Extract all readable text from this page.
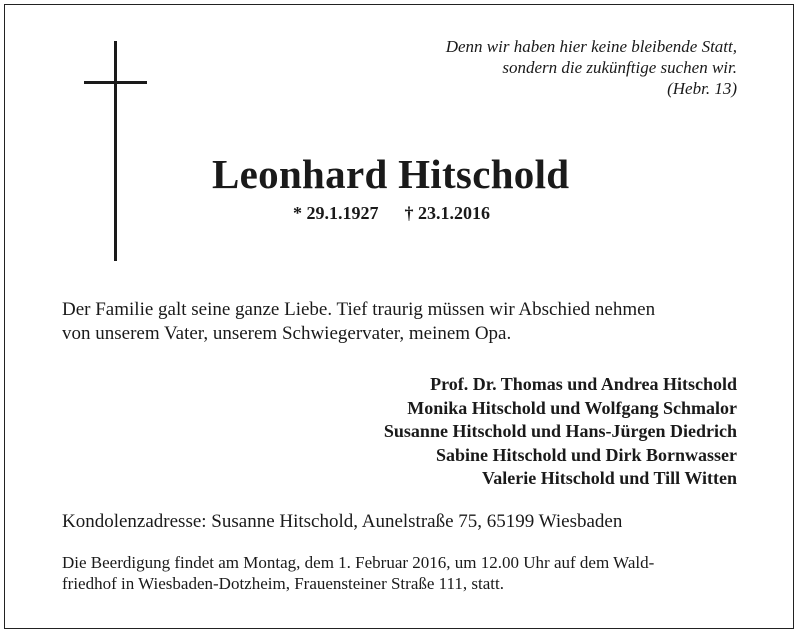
Denn wir haben hier keine bleibende Statt,
sondern die zukünftige suchen wir.
(Hebr. 13)
Leonhard Hitschold
* 29.1.1927 † 23.1.2016
Der Familie galt seine ganze Liebe. Tief traurig müssen wir Abschied nehmen
von unserem Vater, unserem Schwiegervater, meinem Opa.
Prof. Dr. Thomas und Andrea Hitschold
Monika Hitschold und Wolfgang Schmalor
Susanne Hitschold und Hans-Jürgen Diedrich
Sabine Hitschold und Dirk Bornwasser
Valerie Hitschold und Till Witten
Kondolenzadresse: Susanne Hitschold, Aunelstraße 75, 65199 Wiesbaden
Die Beerdigung findet am Montag, dem 1. Februar 2016, um 12.00 Uhr auf dem Wald-
friedhof in Wiesbaden-Dotzheim, Frauensteiner Straße 111, statt.
